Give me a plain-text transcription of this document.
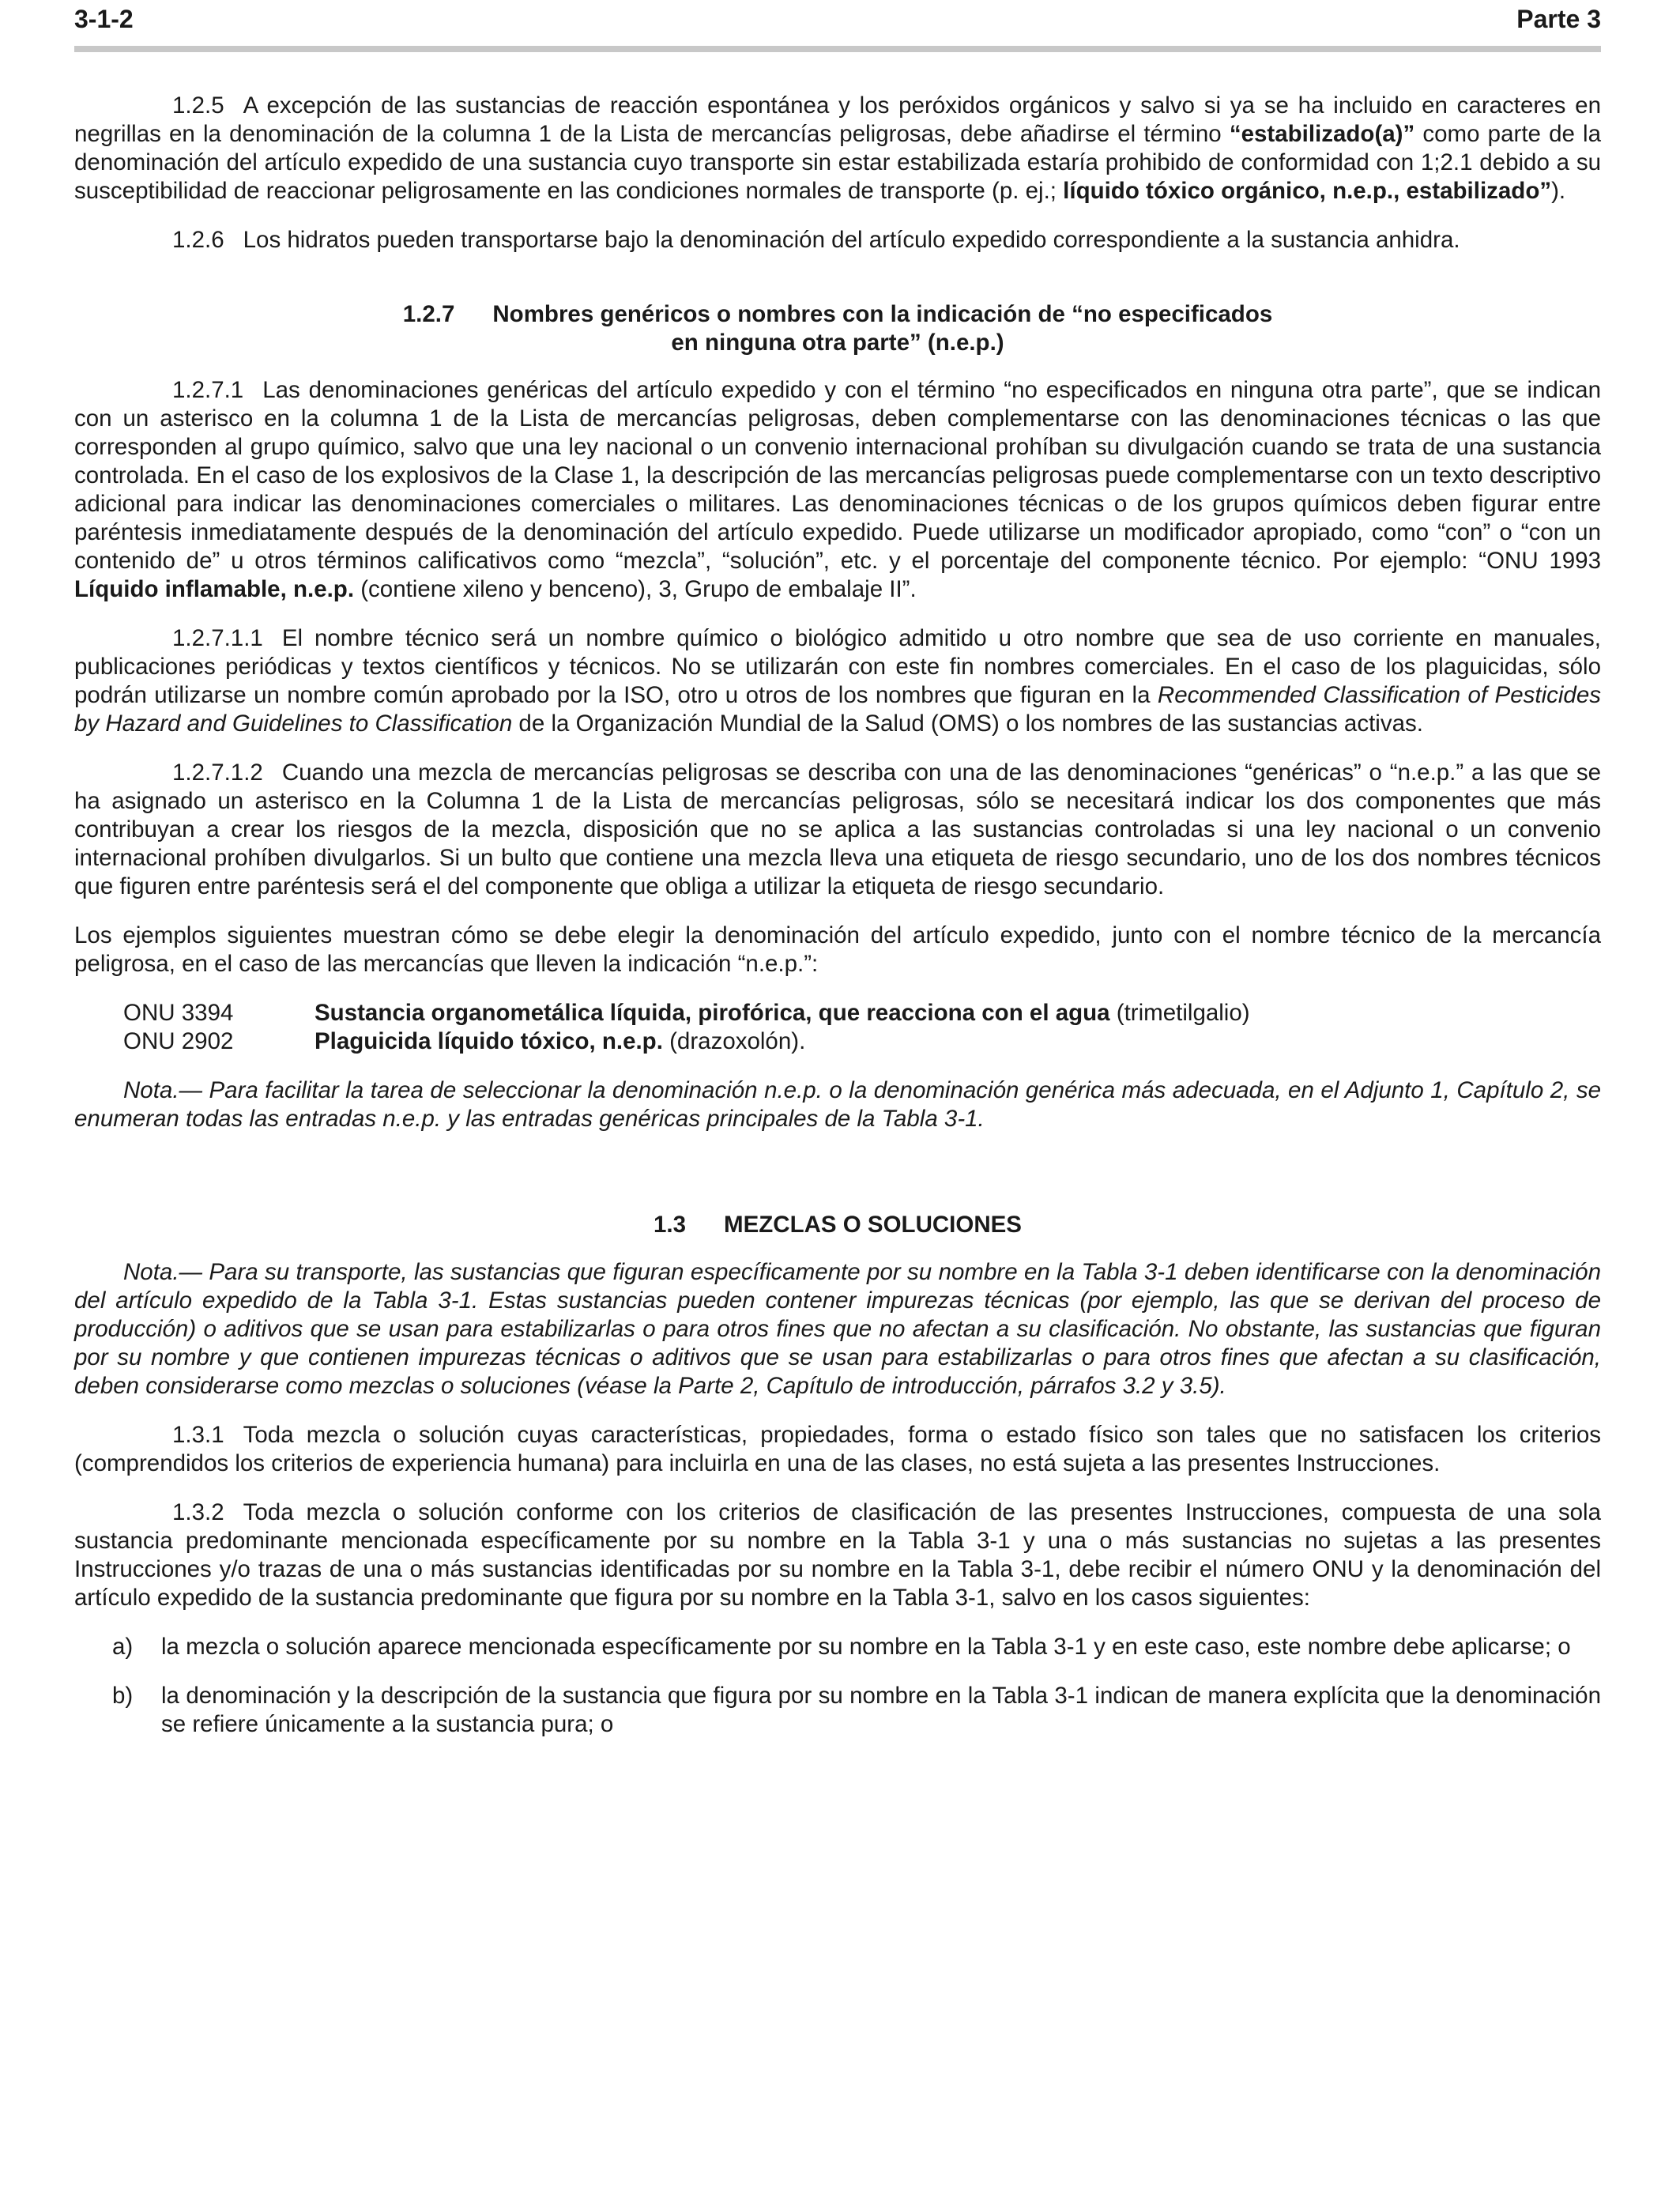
3-1-2	Parte 3

1.2.5 A excepción de las sustancias de reacción espontánea y los peróxidos orgánicos y salvo si ya se ha incluido en caracteres en negrillas en la denominación de la columna 1 de la Lista de mercancías peligrosas, debe añadirse el término “estabilizado(a)” como parte de la denominación del artículo expedido de una sustancia cuyo transporte sin estar estabilizada estaría prohibido de conformidad con 1;2.1 debido a su susceptibilidad de reaccionar peligrosamente en las condiciones normales de transporte (p. ej.; líquido tóxico orgánico, n.e.p., estabilizado”).

1.2.6 Los hidratos pueden transportarse bajo la denominación del artículo expedido correspondiente a la sustancia anhidra.

1.2.7 Nombres genéricos o nombres con la indicación de “no especificados
en ninguna otra parte” (n.e.p.)

1.2.7.1 Las denominaciones genéricas del artículo expedido y con el término “no especificados en ninguna otra parte”, que se indican con un asterisco en la columna 1 de la Lista de mercancías peligrosas, deben complementarse con las denominaciones técnicas o las que corresponden al grupo químico, salvo que una ley nacional o un convenio internacional prohíban su divulgación cuando se trata de una sustancia controlada. En el caso de los explosivos de la Clase 1, la descripción de las mercancías peligrosas puede complementarse con un texto descriptivo adicional para indicar las denominaciones comerciales o militares. Las denominaciones técnicas o de los grupos químicos deben figurar entre paréntesis inmediatamente después de la denominación del artículo expedido. Puede utilizarse un modificador apropiado, como “con” o “con un contenido de” u otros términos calificativos como “mezcla”, “solución”, etc. y el porcentaje del componente técnico. Por ejemplo: “ONU 1993 Líquido inflamable, n.e.p. (contiene xileno y benceno), 3, Grupo de embalaje II”.

1.2.7.1.1 El nombre técnico será un nombre químico o biológico admitido u otro nombre que sea de uso corriente en manuales, publicaciones periódicas y textos científicos y técnicos. No se utilizarán con este fin nombres comerciales. En el caso de los plaguicidas, sólo podrán utilizarse un nombre común aprobado por la ISO, otro u otros de los nombres que figuran en la Recommended Classification of Pesticides by Hazard and Guidelines to Classification de la Organización Mundial de la Salud (OMS) o los nombres de las sustancias activas.

1.2.7.1.2 Cuando una mezcla de mercancías peligrosas se describa con una de las denominaciones “genéricas” o “n.e.p.” a las que se ha asignado un asterisco en la Columna 1 de la Lista de mercancías peligrosas, sólo se necesitará indicar los dos componentes que más contribuyan a crear los riesgos de la mezcla, disposición que no se aplica a las sustancias controladas si una ley nacional o un convenio internacional prohíben divulgarlos. Si un bulto que contiene una mezcla lleva una etiqueta de riesgo secundario, uno de los dos nombres técnicos que figuren entre paréntesis será el del componente que obliga a utilizar la etiqueta de riesgo secundario.

Los ejemplos siguientes muestran cómo se debe elegir la denominación del artículo expedido, junto con el nombre técnico de la mercancía peligrosa, en el caso de las mercancías que lleven la indicación “n.e.p.”:

ONU 3394	Sustancia organometálica líquida, pirofórica, que reacciona con el agua (trimetilgalio)
ONU 2902	Plaguicida líquido tóxico, n.e.p. (drazoxolón).

Nota.— Para facilitar la tarea de seleccionar la denominación n.e.p. o la denominación genérica más adecuada, en el Adjunto 1, Capítulo 2, se enumeran todas las entradas n.e.p. y las entradas genéricas principales de la Tabla 3-1.

1.3 MEZCLAS O SOLUCIONES

Nota.— Para su transporte, las sustancias que figuran específicamente por su nombre en la Tabla 3-1 deben identificarse con la denominación del artículo expedido de la Tabla 3-1. Estas sustancias pueden contener impurezas técnicas (por ejemplo, las que se derivan del proceso de producción) o aditivos que se usan para estabilizarlas o para otros fines que no afectan a su clasificación. No obstante, las sustancias que figuran por su nombre y que contienen impurezas técnicas o aditivos que se usan para estabilizarlas o para otros fines que afectan a su clasificación, deben considerarse como mezclas o soluciones (véase la Parte 2, Capítulo de introducción, párrafos 3.2 y 3.5).

1.3.1 Toda mezcla o solución cuyas características, propiedades, forma o estado físico son tales que no satisfacen los criterios (comprendidos los criterios de experiencia humana) para incluirla en una de las clases, no está sujeta a las presentes Instrucciones.

1.3.2 Toda mezcla o solución conforme con los criterios de clasificación de las presentes Instrucciones, compuesta de una sola sustancia predominante mencionada específicamente por su nombre en la Tabla 3-1 y una o más sustancias no sujetas a las presentes Instrucciones y/o trazas de una o más sustancias identificadas por su nombre en la Tabla 3-1, debe recibir el número ONU y la denominación del artículo expedido de la sustancia predominante que figura por su nombre en la Tabla 3-1, salvo en los casos siguientes:

a)	la mezcla o solución aparece mencionada específicamente por su nombre en la Tabla 3-1 y en este caso, este nombre debe aplicarse; o
b)	la denominación y la descripción de la sustancia que figura por su nombre en la Tabla 3-1 indican de manera explícita que la denominación se refiere únicamente a la sustancia pura; o
